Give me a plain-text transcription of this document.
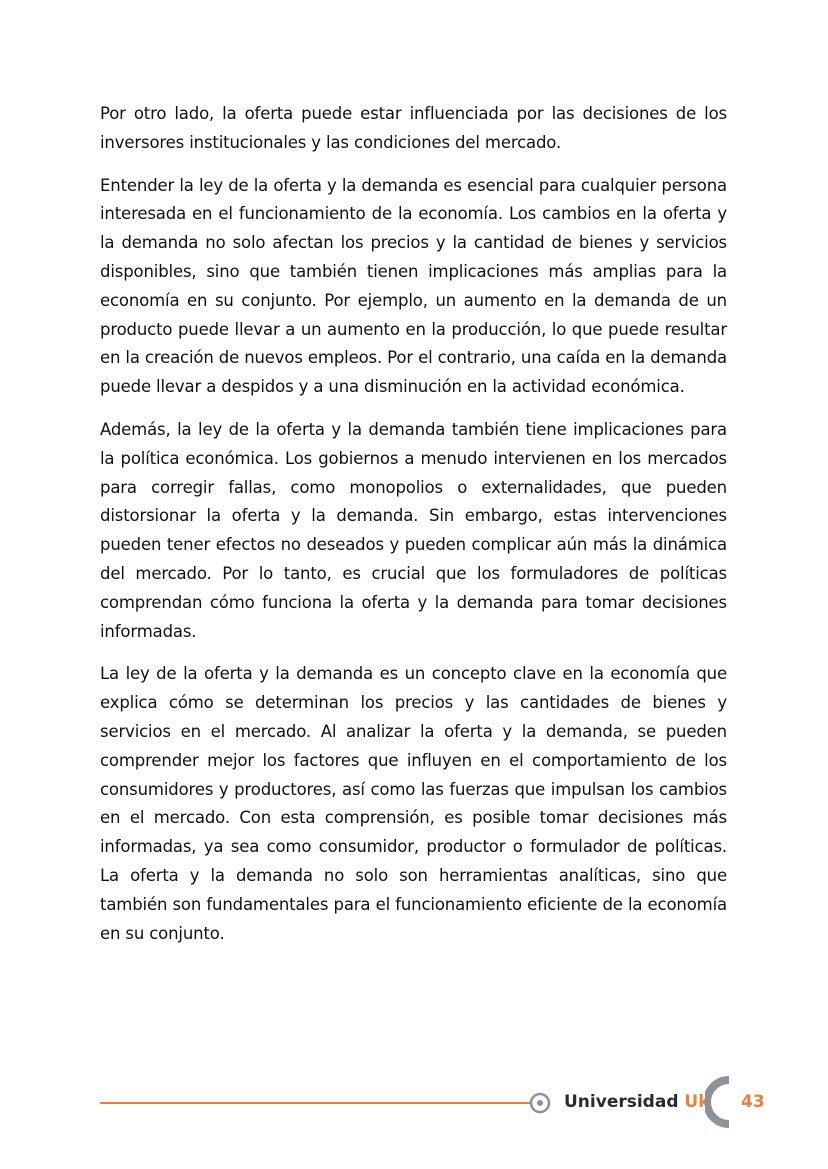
Por otro lado, la oferta puede estar influenciada por las decisiones de los inversores institucionales y las condiciones del mercado.

Entender la ley de la oferta y la demanda es esencial para cualquier persona interesada en el funcionamiento de la economía. Los cambios en la oferta y la demanda no solo afectan los precios y la cantidad de bienes y servicios disponibles, sino que también tienen implicaciones más amplias para la economía en su conjunto. Por ejemplo, un aumento en la demanda de un producto puede llevar a un aumento en la producción, lo que puede resultar en la creación de nuevos empleos. Por el contrario, una caída en la demanda puede llevar a despidos y a una disminución en la actividad económica.

Además, la ley de la oferta y la demanda también tiene implicaciones para la política económica. Los gobiernos a menudo intervienen en los mercados para corregir fallas, como monopolios o externalidades, que pueden distorsionar la oferta y la demanda. Sin embargo, estas intervenciones pueden tener efectos no deseados y pueden complicar aún más la dinámica del mercado. Por lo tanto, es crucial que los formuladores de políticas comprendan cómo funciona la oferta y la demanda para tomar decisiones informadas.

La ley de la oferta y la demanda es un concepto clave en la economía que explica cómo se determinan los precios y las cantidades de bienes y servicios en el mercado. Al analizar la oferta y la demanda, se pueden comprender mejor los factores que influyen en el comportamiento de los consumidores y productores, así como las fuerzas que impulsan los cambios en el mercado. Con esta comprensión, es posible tomar decisiones más informadas, ya sea como consumidor, productor o formulador de políticas. La oferta y la demanda no solo son herramientas analíticas, sino que también son fundamentales para el funcionamiento eficiente de la economía en su conjunto.

Universidad Uk 43
